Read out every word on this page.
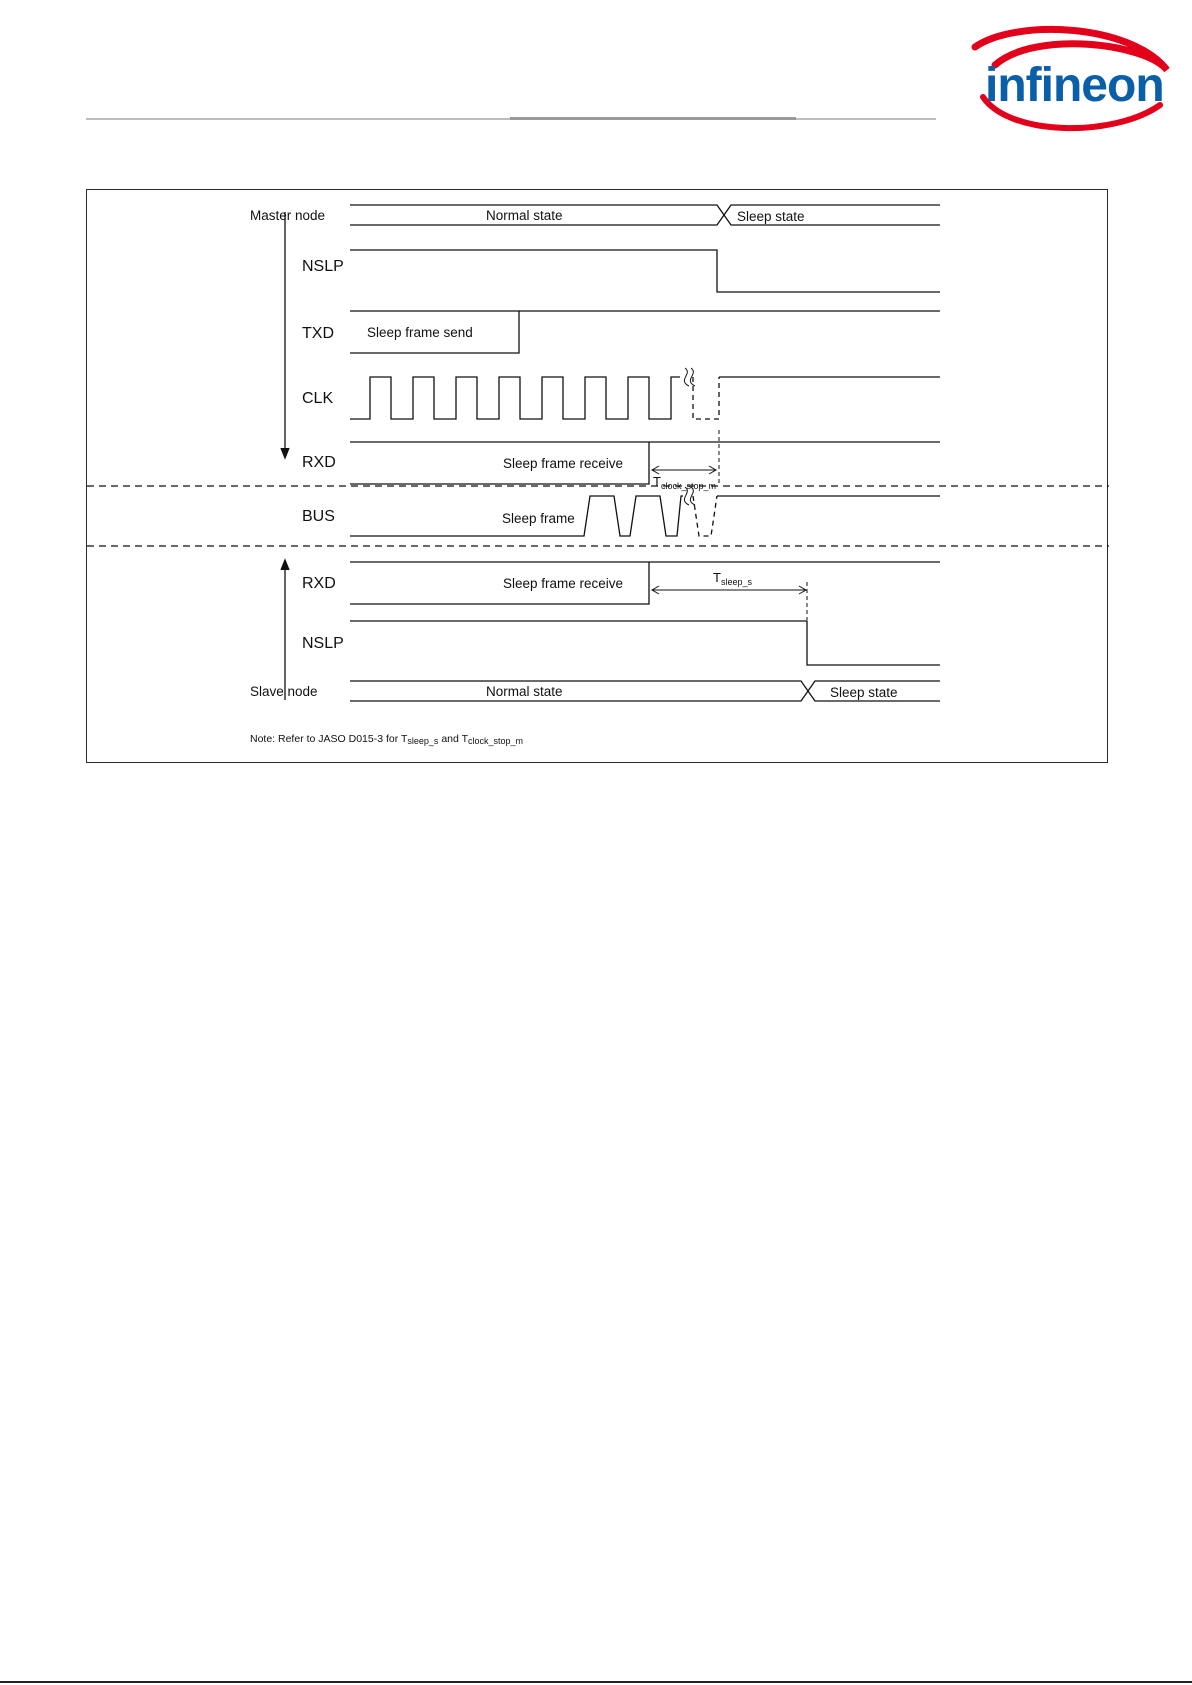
infineon
Master node
Slave node
NSLP
TXD
CLK
RXD
BUS
RXD
NSLP
Normal state	Sleep state
Normal state	Sleep state
Sleep frame send
Sleep frame receive
Sleep frame
Sleep frame receive
$T_{clock\_stop\_m}$
$T_{sleep\_s}$
Note: Refer to JASO D015-3 for Tsleep_s and Tclock_stop_m
